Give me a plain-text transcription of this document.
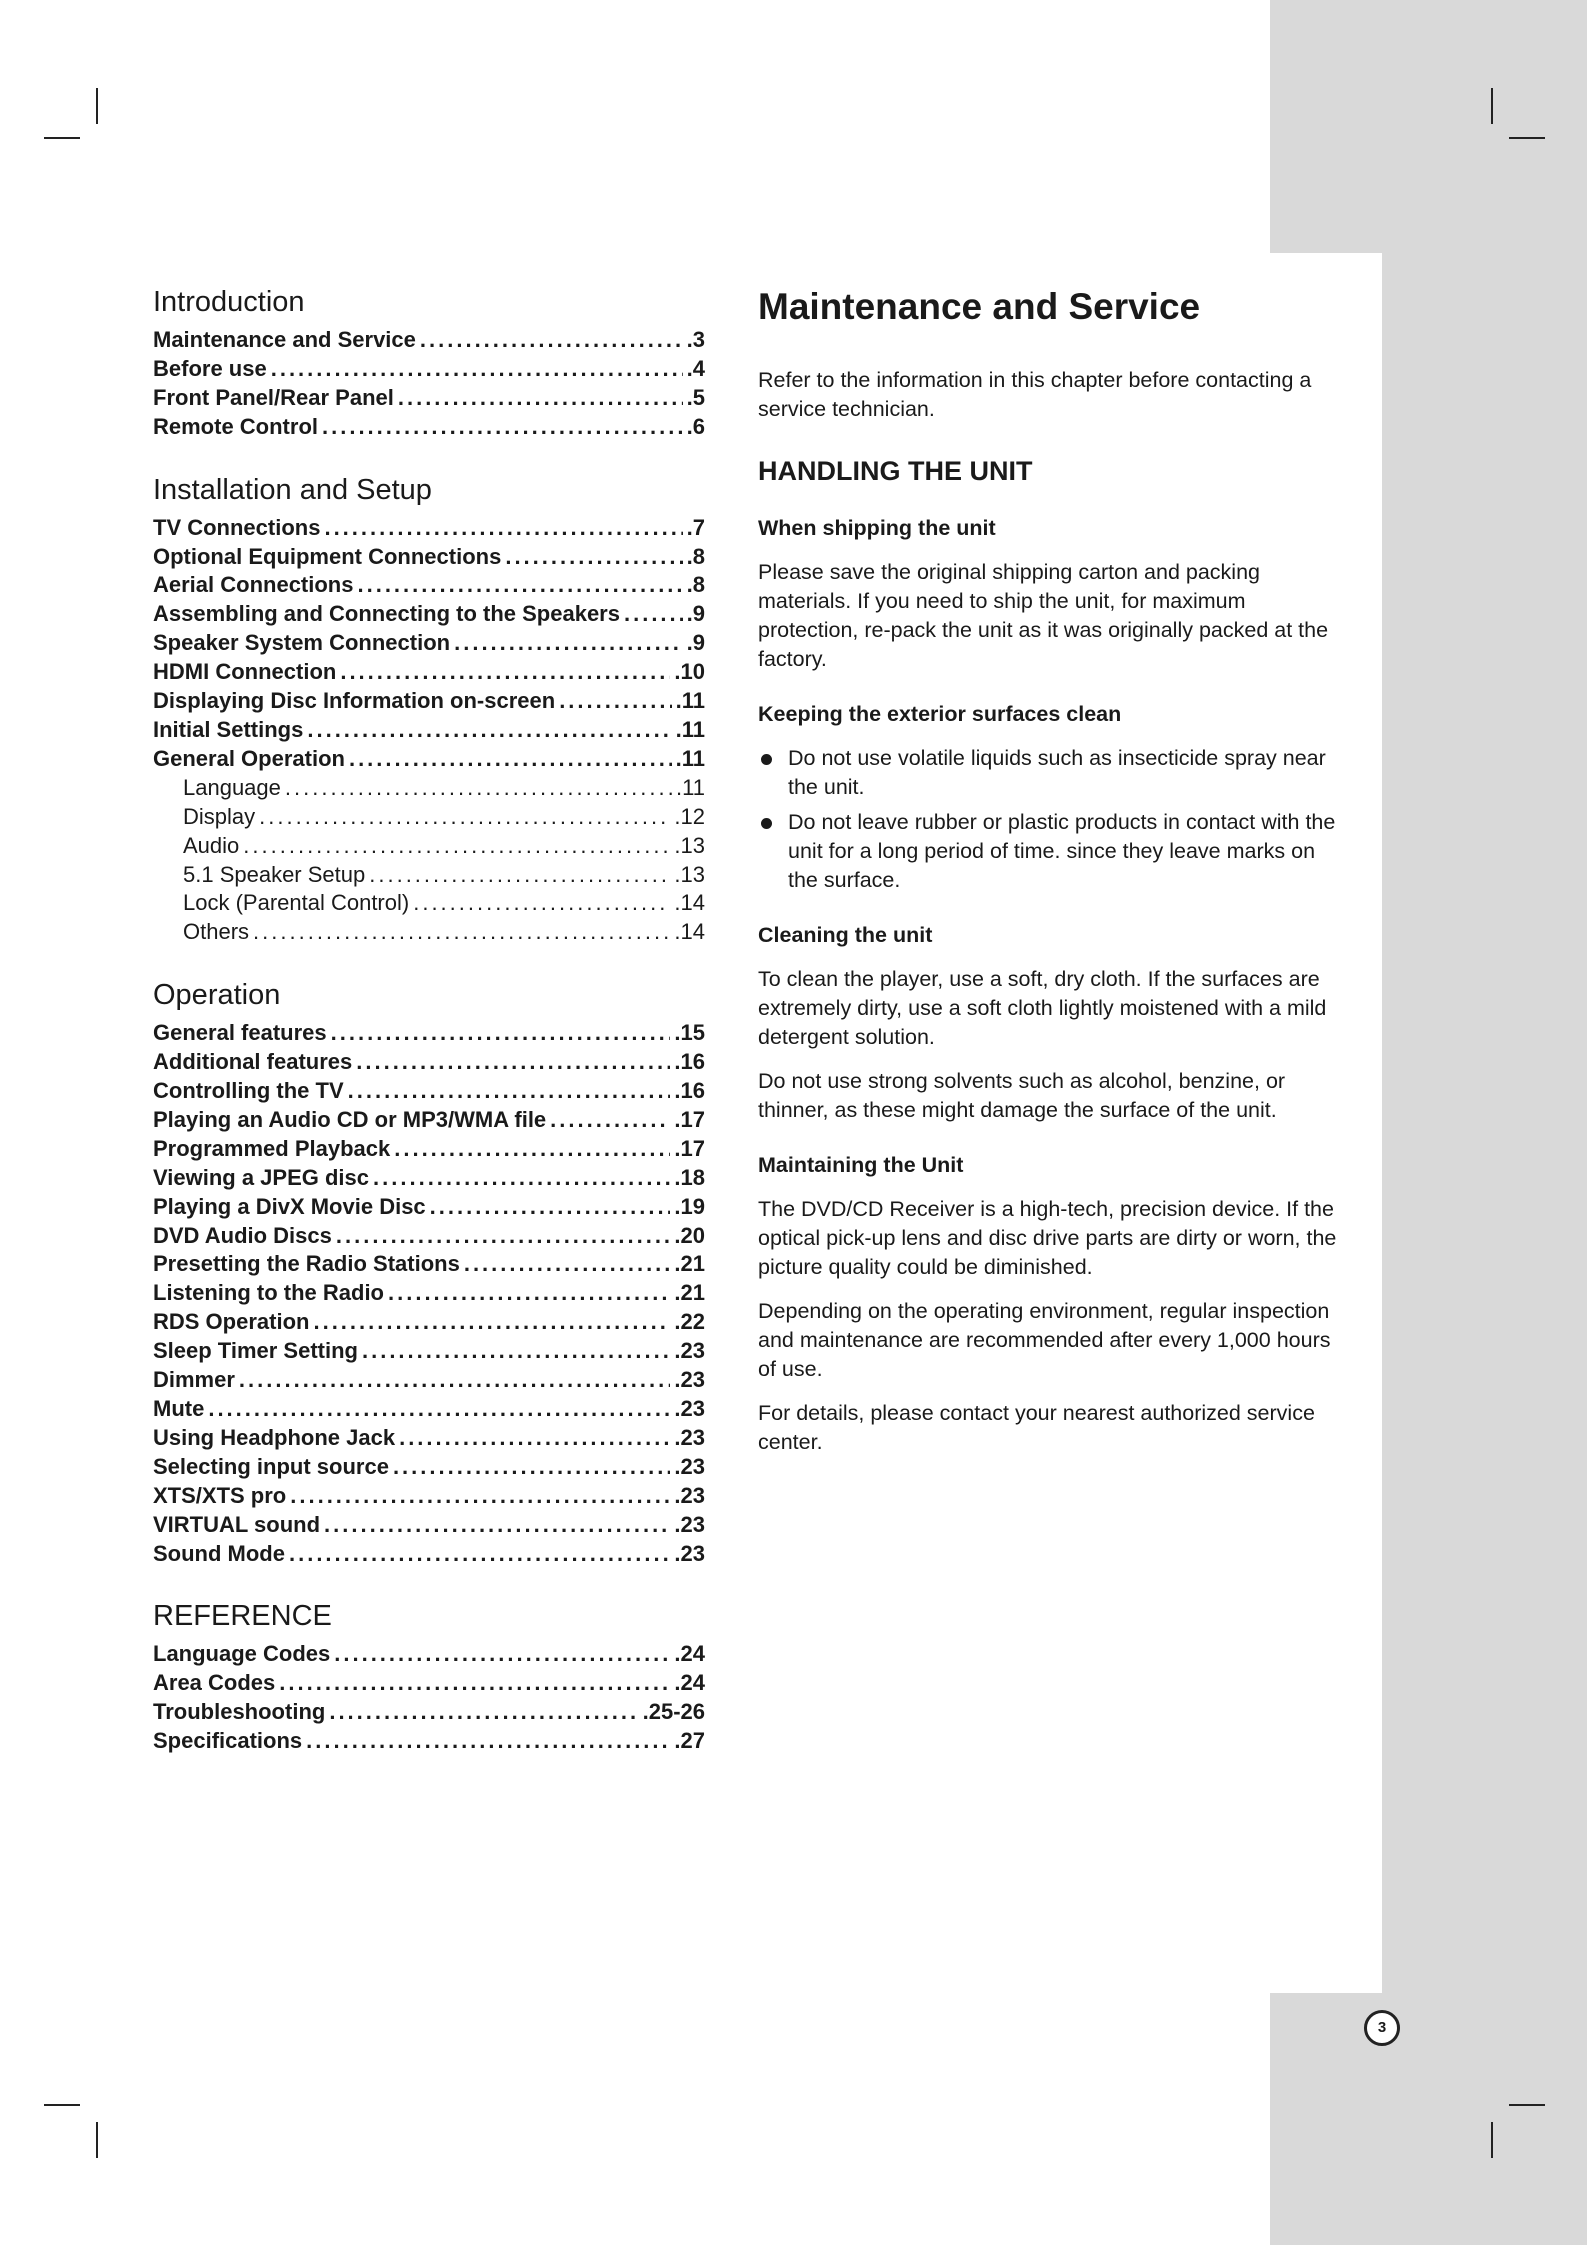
Introduction
Maintenance and Service .....	.3
Before use .....	.4
Front Panel/Rear Panel .....	.5
Remote Control .....	.6
Installation and Setup
TV Connections .....	.7
Optional Equipment Connections .....	.8
Aerial Connections .....	.8
Assembling and Connecting to the Speakers .....	.9
Speaker System Connection .....	.9
HDMI Connection .....	.10
Displaying Disc Information on-screen .....	.11
Initial Settings .....	.11
General Operation .....	.11
Language .....	.11
Display .....	.12
Audio .....	.13
5.1 Speaker Setup .....	.13
Lock (Parental Control) .....	.14
Others .....	.14
Operation
General features .....	.15
Additional features .....	.16
Controlling the TV .....	.16
Playing an Audio CD or MP3/WMA file .....	.17
Programmed Playback .....	.17
Viewing a JPEG disc .....	.18
Playing a DivX Movie Disc .....	.19
DVD Audio Discs .....	.20
Presetting the Radio Stations .....	.21
Listening to the Radio .....	.21
RDS Operation .....	.22
Sleep Timer Setting .....	.23
Dimmer .....	.23
Mute .....	.23
Using Headphone Jack .....	.23
Selecting input source .....	.23
XTS/XTS pro .....	.23
VIRTUAL sound .....	.23
Sound Mode .....	.23
REFERENCE
Language Codes .....	.24
Area Codes .....	.24
Troubleshooting .....	.25-26
Specifications .....	.27
Maintenance and Service

Refer to the information in this chapter before contacting a service technician.

HANDLING THE UNIT
When shipping the unit

Please save the original shipping carton and packing materials. If you need to ship the unit, for maximum protection, re-pack the unit as it was originally packed at the factory.

Keeping the exterior surfaces clean
Do not use volatile liquids such as insecticide spray near the unit.
Do not leave rubber or plastic products in contact with the unit for a long period of time. since they leave marks on the surface.
Cleaning the unit

To clean the player, use a soft, dry cloth. If the surfaces are extremely dirty, use a soft cloth lightly moistened with a mild detergent solution.

Do not use strong solvents such as alcohol, benzine, or thinner, as these might damage the surface of the unit.

Maintaining the Unit

The DVD/CD Receiver is a high-tech, precision device. If the optical pick-up lens and disc drive parts are dirty or worn, the picture quality could be diminished.

Depending on the operating environment, regular inspection and maintenance are recommended after every 1,000 hours of use.

For details, please contact your nearest authorized service center.

3
